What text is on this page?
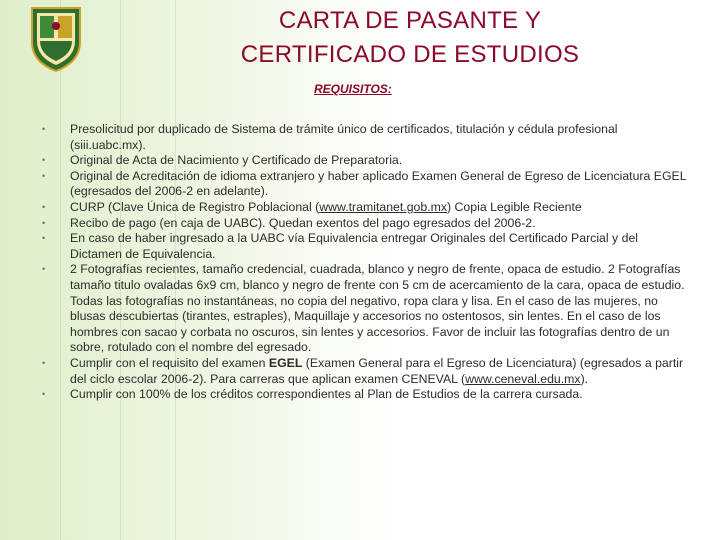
CARTA DE PASANTE Y
CERTIFICADO DE ESTUDIOS
REQUISITOS:
• Presolicitud por duplicado de Sistema de trámite único de certificados, titulación y cédula profesional (siii.uabc.mx).
• Original de Acta de Nacimiento y Certificado de Preparatoria.
• Original de Acreditación de idioma extranjero y haber aplicado Examen General de Egreso de Licenciatura EGEL (egresados del 2006-2 en adelante).
• CURP (Clave Única de Registro Poblacional (www.tramitanet.gob.mx) Copia Legible Reciente
• Recibo de pago (en caja de UABC). Quedan exentos del pago egresados del 2006-2.
• En caso de haber ingresado a la UABC vía Equivalencia entregar Originales del Certificado Parcial y del Dictamen de Equivalencia.
• 2 Fotografías recientes, tamaño credencial, cuadrada, blanco y negro de frente, opaca de estudio. 2 Fotografías tamaño titulo ovaladas 6x9 cm, blanco y negro de frente con 5 cm de acercamiento de la cara, opaca de estudio. Todas las fotografías no instantáneas, no copia del negativo, ropa clara y lisa. En el caso de las mujeres, no blusas descubiertas (tirantes, estraples), Maquillaje y accesorios no ostentosos, sin lentes. En el caso de los hombres con sacao y corbata no oscuros, sin lentes y accesorios. Favor de incluir las fotografías dentro de un sobre, rotulado con el nombre del egresado.
• Cumplir con el requisito del examen EGEL (Examen General para el Egreso de Licenciatura) (egresados a partir del ciclo escolar 2006-2). Para carreras que aplican examen CENEVAL (www.ceneval.edu.mx).
• Cumplir con 100% de los créditos correspondientes al Plan de Estudios de la carrera cursada.
